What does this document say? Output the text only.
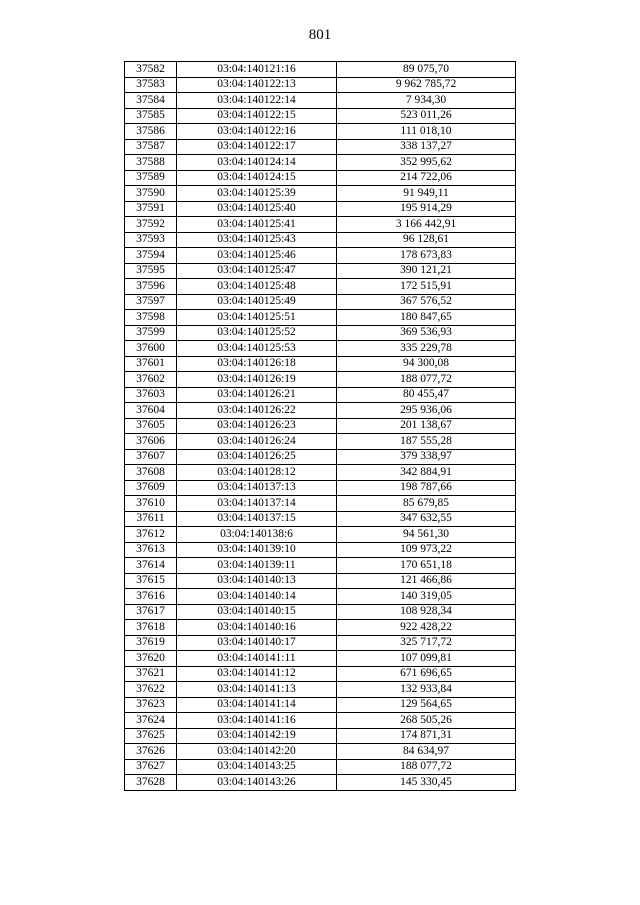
801
37582	03:04:140121:16	89 075,70
37583	03:04:140122:13	9 962 785,72
37584	03:04:140122:14	7 934,30
37585	03:04:140122:15	523 011,26
37586	03:04:140122:16	111 018,10
37587	03:04:140122:17	338 137,27
37588	03:04:140124:14	352 995,62
37589	03:04:140124:15	214 722,06
37590	03:04:140125:39	91 949,11
37591	03:04:140125:40	195 914,29
37592	03:04:140125:41	3 166 442,91
37593	03:04:140125:43	96 128,61
37594	03:04:140125:46	178 673,83
37595	03:04:140125:47	390 121,21
37596	03:04:140125:48	172 515,91
37597	03:04:140125:49	367 576,52
37598	03:04:140125:51	180 847,65
37599	03:04:140125:52	369 536,93
37600	03:04:140125:53	335 229,78
37601	03:04:140126:18	94 300,08
37602	03:04:140126:19	188 077,72
37603	03:04:140126:21	80 455,47
37604	03:04:140126:22	295 936,06
37605	03:04:140126:23	201 138,67
37606	03:04:140126:24	187 555,28
37607	03:04:140126:25	379 338,97
37608	03:04:140128:12	342 884,91
37609	03:04:140137:13	198 787,66
37610	03:04:140137:14	85 679,85
37611	03:04:140137:15	347 632,55
37612	03:04:140138:6	94 561,30
37613	03:04:140139:10	109 973,22
37614	03:04:140139:11	170 651,18
37615	03:04:140140:13	121 466,86
37616	03:04:140140:14	140 319,05
37617	03:04:140140:15	108 928,34
37618	03:04:140140:16	922 428,22
37619	03:04:140140:17	325 717,72
37620	03:04:140141:11	107 099,81
37621	03:04:140141:12	671 696,65
37622	03:04:140141:13	132 933,84
37623	03:04:140141:14	129 564,65
37624	03:04:140141:16	268 505,26
37625	03:04:140142:19	174 871,31
37626	03:04:140142:20	84 634,97
37627	03:04:140143:25	188 077,72
37628	03:04:140143:26	145 330,45
